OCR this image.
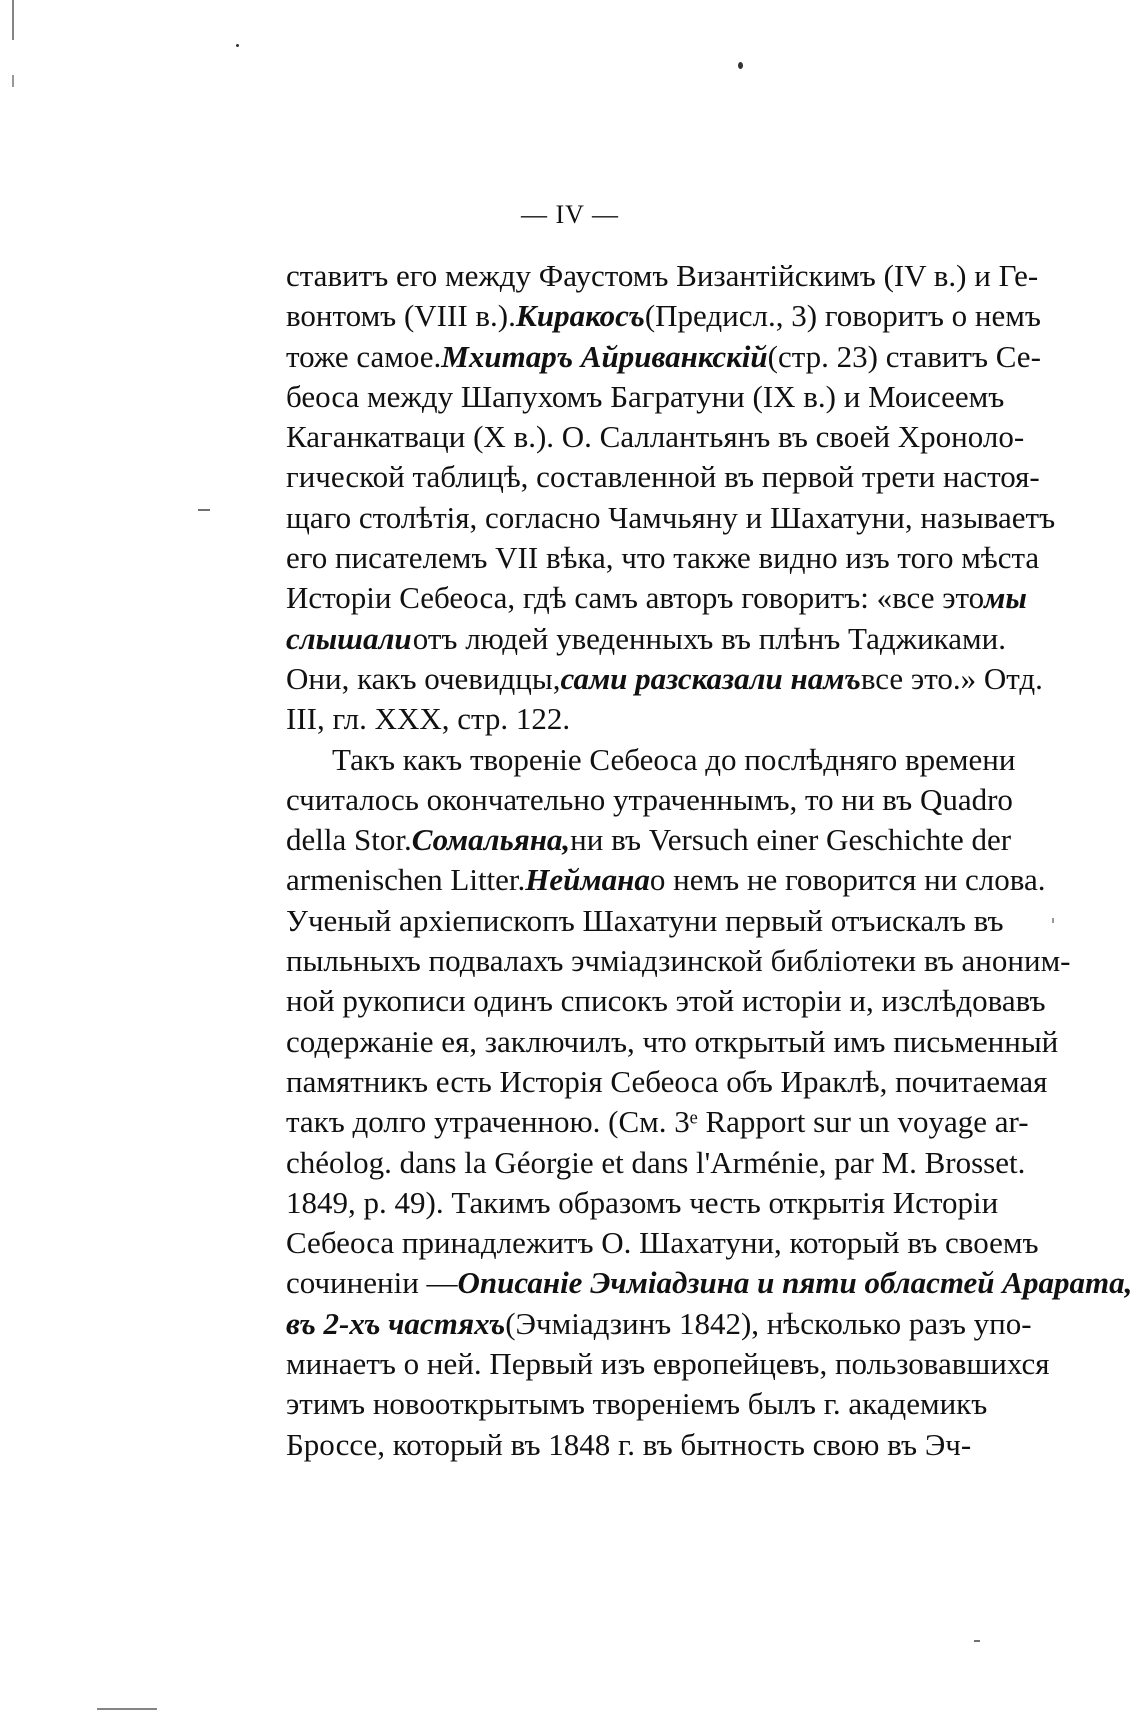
— IV —
ставитъ его между Фаустомъ Византійскимъ (IV в.) и Ге-
вонтомъ (VIII в.). Киракосъ (Предисл., 3) говоритъ о немъ
тоже самое. Мхитаръ Айриванкскій (стр. 23) ставитъ Се-
беоса между Шапухомъ Багратуни (IX в.) и Моисеемъ
Каганкатваци (X в.). О. Саллантьянъ въ своей Хроноло-
гической таблицѣ, составленной въ первой трети настоя-
щаго столѣтія, согласно Чамчьяну и Шахатуни, называетъ
его писателемъ VII вѣка, что также видно изъ того мѣста
Исторіи Себеоса, гдѣ самъ авторъ говоритъ: «все это мы
слышали отъ людей уведенныхъ въ плѣнъ Таджиками.
Они, какъ очевидцы, сами разсказали намъ все это.» Отд.
III, гл. XXX, стр. 122.
Такъ какъ твореніе Себеоса до послѣдняго времени
считалось окончательно утраченнымъ, то ни въ Quadro
della Stor. Сомальяна, ни въ Versuch einer Geschichte der
armenischen Litter. Неймана о немъ не говорится ни слова.
Ученый архіепископъ Шахатуни первый отъискалъ въ
пыльныхъ подвалахъ эчміадзинской библіотеки въ аноним-
ной рукописи одинъ списокъ этой исторіи и, изслѣдовавъ
содержаніе ея, заключилъ, что открытый имъ письменный
памятникъ есть Исторія Себеоса объ Ираклѣ, почитаемая
такъ долго утраченною. (См. 3ᵉ Rapport sur un voyage ar-
chéolog. dans la Géorgie et dans l'Arménie, par M. Brosset.
1849, p. 49). Такимъ образомъ честь открытія Исторіи
Себеоса принадлежитъ О. Шахатуни, который въ своемъ
сочиненіи — Описаніе Эчміадзина и пяти областей Арарата,
въ 2-хъ частяхъ (Эчміадзинъ 1842), нѣсколько разъ упо-
минаетъ о ней. Первый изъ европейцевъ, пользовавшихся
этимъ новооткрытымъ твореніемъ былъ г. академикъ
Броссе, который въ 1848 г. въ бытность свою въ Эч-
